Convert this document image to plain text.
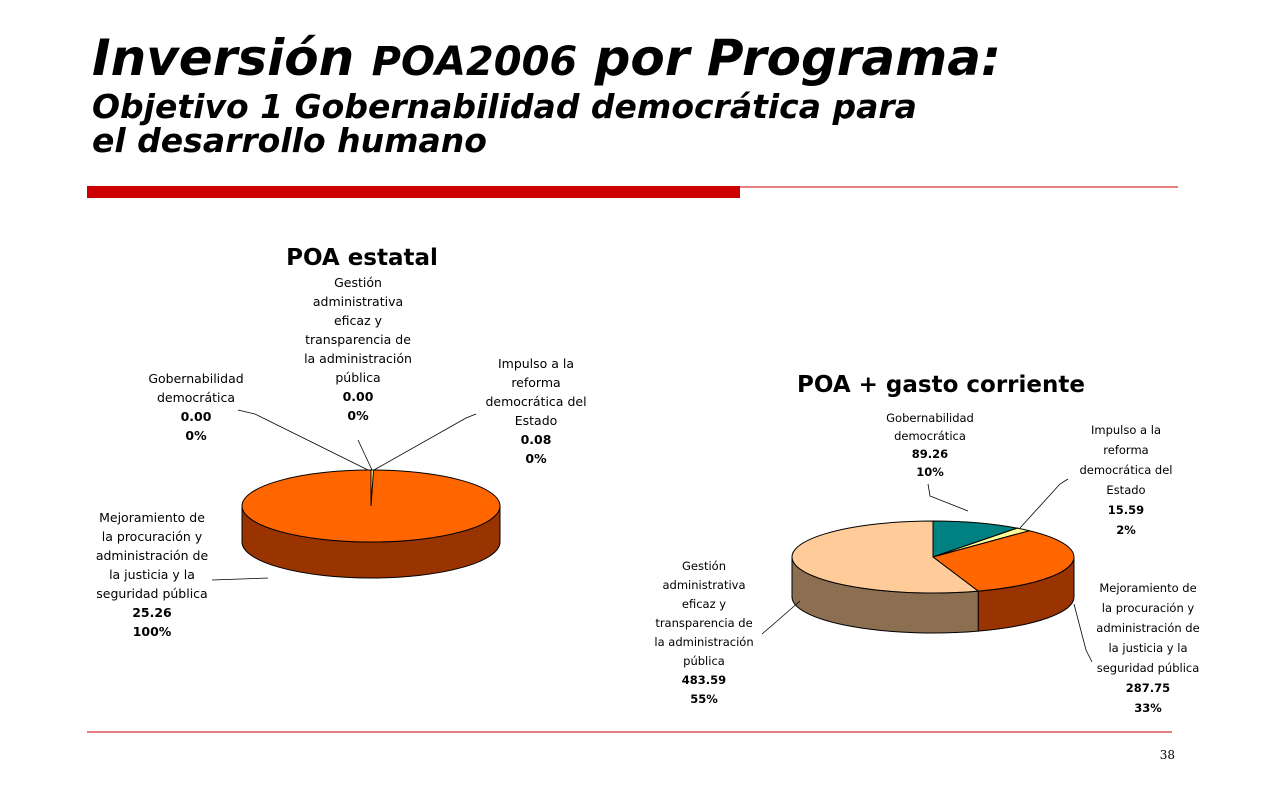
Inversión POA2006 por Programa:
Objetivo 1 Gobernabilidad democrática para
el desarrollo humano
38
POA estatal
Gobernabilidad
democrática
0.00
0%
Gestión
administrativa
eficaz y
transparencia de
la administración
pública
0.00
0%
Impulso a la
reforma
democrática del
Estado
0.08
0%
Mejoramiento de
la procuración y
administración de
la justicia y la
seguridad pública
25.26
100%
POA + gasto corriente
Gobernabilidad
democrática
89.26
10%
Impulso a la
reforma
democrática del
Estado
15.59
2%
Mejoramiento de
la procuración y
administración de
la justicia y la
seguridad pública
287.75
33%
Gestión
administrativa
eficaz y
transparencia de
la administración
pública
483.59
55%
